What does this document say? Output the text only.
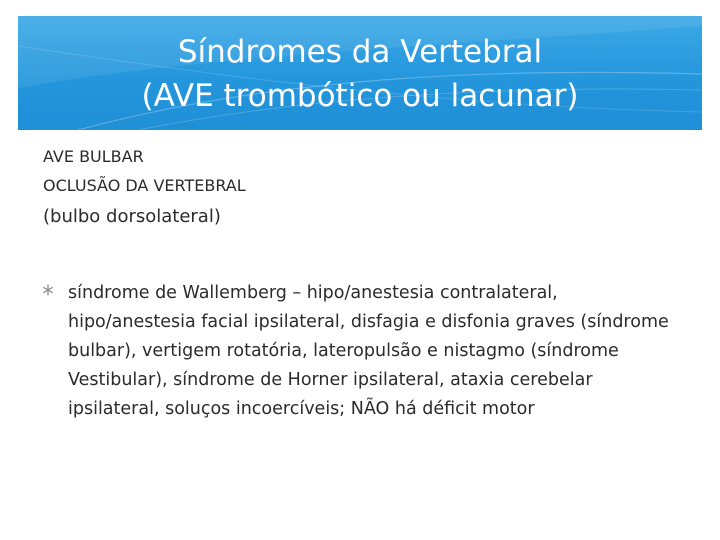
Síndromes da Vertebral
(AVE trombótico ou lacunar)
AVE BULBAR
OCLUSÃO DA VERTEBRAL
(bulbo dorsolateral)
síndrome de Wallemberg – hipo/anestesia contralateral, hipo/anestesia facial ipsilateral, disfagia e disfonia graves (síndrome bulbar), vertigem rotatória, lateropulsão e nistagmo (síndrome Vestibular), síndrome de Horner ipsilateral, ataxia cerebelar ipsilateral, soluços incoercíveis; NÃO há déficit motor
